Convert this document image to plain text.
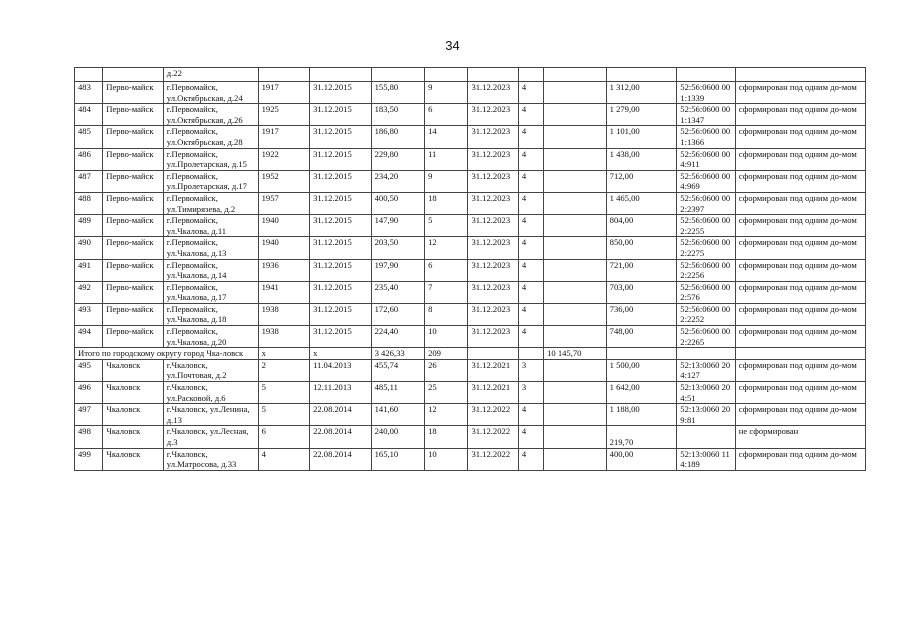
34
		д.22										
483	Перво-майск	г.Первомайск, ул.Октябрьская, д.24	1917	31.12.2015	155,80	9	31.12.2023	4		1 312,00	52:56:0600 001:1339	сформирован под одним до-мом
484	Перво-майск	г.Первомайск, ул.Октябрьская, д.26	1925	31.12.2015	183,50	6	31.12.2023	4		1 279,00	52:56:0600 001:1347	сформирован под одним до-мом
485	Перво-майск	г.Первомайск, ул.Октябрьская, д.28	1917	31.12.2015	186,80	14	31.12.2023	4		1 101,00	52:56:0600 001:1366	сформирован под одним до-мом
486	Перво-майск	г.Первомайск, ул.Пролетарская, д.15	1922	31.12.2015	229,80	11	31.12.2023	4		1 438,00	52:56:0600 004:911	сформирован под одним до-мом
487	Перво-майск	г.Первомайск, ул.Пролетарская, д.17	1952	31.12.2015	234,20	9	31.12.2023	4		712,00	52:56:0600 004:969	сформирован под одним до-мом
488	Перво-майск	г.Первомайск, ул.Тимирязева, д.2	1957	31.12.2015	400,50	18	31.12.2023	4		1 465,00	52:56:0600 002:2397	сформирован под одним до-мом
489	Перво-майск	г.Первомайск, ул.Чкалова, д.11	1940	31.12.2015	147,90	5	31.12.2023	4		804,00	52:56:0600 002:2255	сформирован под одним до-мом
490	Перво-майск	г.Первомайск, ул.Чкалова, д.13	1940	31.12.2015	203,50	12	31.12.2023	4		850,00	52:56:0600 002:2275	сформирован под одним до-мом
491	Перво-майск	г.Первомайск, ул.Чкалова, д.14	1936	31.12.2015	197,90	6	31.12.2023	4		721,00	52:56:0600 002:2256	сформирован под одним до-мом
492	Перво-майск	г.Первомайск, ул.Чкалова, д.17	1941	31.12.2015	235,40	7	31.12.2023	4		703,00	52:56:0600 002:576	сформирован под одним до-мом
493	Перво-майск	г.Первомайск, ул.Чкалова, д.18	1938	31.12.2015	172,60	8	31.12.2023	4		736,00	52:56:0600 002:2252	сформирован под одним до-мом
494	Перво-майск	г.Первомайск, ул.Чкалова, д.20	1938	31.12.2015	224,40	10	31.12.2023	4		748,00	52:56:0600 002:2265	сформирован под одним до-мом
Итого по городскому округу город Чка-ловск			х	х	3 426,33	209			10 145,70			
495	Чкаловск	г.Чкаловск, ул.Почтовая, д.2	2	11.04.2013	455,74	26	31.12.2021	3		1 500,00	52:13:0060 204:127	сформирован под одним до-мом
496	Чкаловск	г.Чкаловск, ул.Расковой, д.6	5	12.11.2013	485,11	25	31.12.2021	3		1 642,00	52:13:0060 204:51	сформирован под одним до-мом
497	Чкаловск	г.Чкаловск, ул.Ленина, д.13	5	22.08.2014	141,60	12	31.12.2022	4		1 188,00	52:13:0060 209:81	сформирован под одним до-мом
498	Чкаловск	г.Чкаловск, ул.Лесная, д.3	6	22.08.2014	240,00	18	31.12.2022	4		219,70		не сформирован
499	Чкаловск	г.Чкаловск, ул.Матросова, д.33	4	22.08.2014	165,10	10	31.12.2022	4		400,00	52:13:0060 114:189	сформирован под одним до-мом
